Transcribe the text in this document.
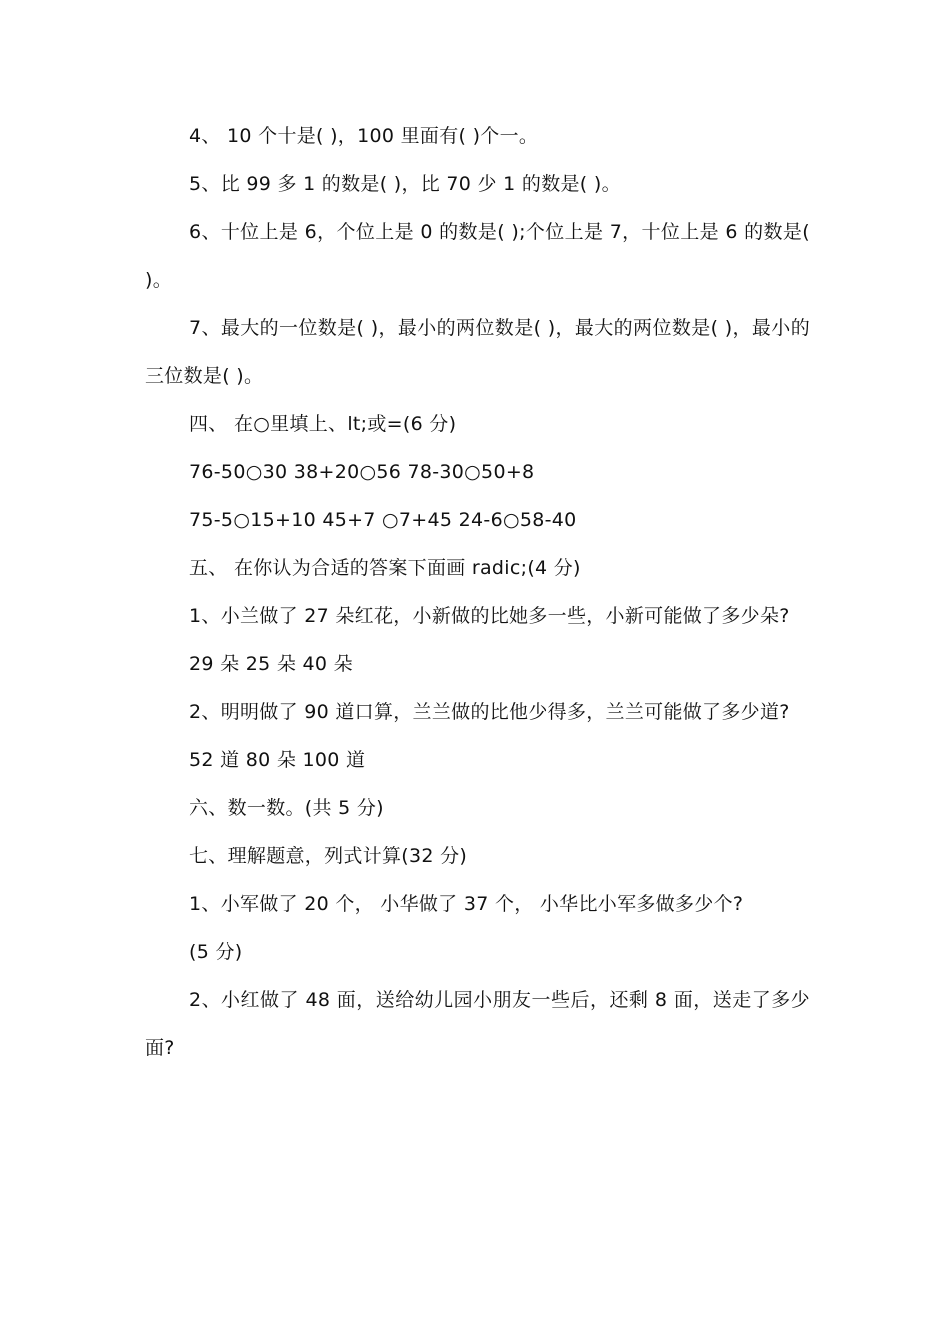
4、 10 个十是( )，100 里面有( )个一。

5、比 99 多 1 的数是( )，比 70 少 1 的数是( )。

6、十位上是 6，个位上是 0 的数是( );个位上是 7，十位上是 6 的数是( )。

7、最大的一位数是( )，最小的两位数是( )，最大的两位数是( )，最小的三位数是( )。

四、 在○里填上、lt;或=(6 分)

76-50○30 38+20○56 78-30○50+8

75-5○15+10 45+7 ○7+45 24-6○58-40

五、 在你认为合适的答案下面画 radic;(4 分)

1、小兰做了 27 朵红花，小新做的比她多一些，小新可能做了多少朵?

29 朵 25 朵 40 朵

2、明明做了 90 道口算，兰兰做的比他少得多，兰兰可能做了多少道?

52 道 80 朵 100 道

六、数一数。(共 5 分)

七、理解题意，列式计算(32 分)

1、小军做了 20 个， 小华做了 37 个， 小华比小军多做多少个?

(5 分)

2、小红做了 48 面，送给幼儿园小朋友一些后，还剩 8 面，送走了多少面?
